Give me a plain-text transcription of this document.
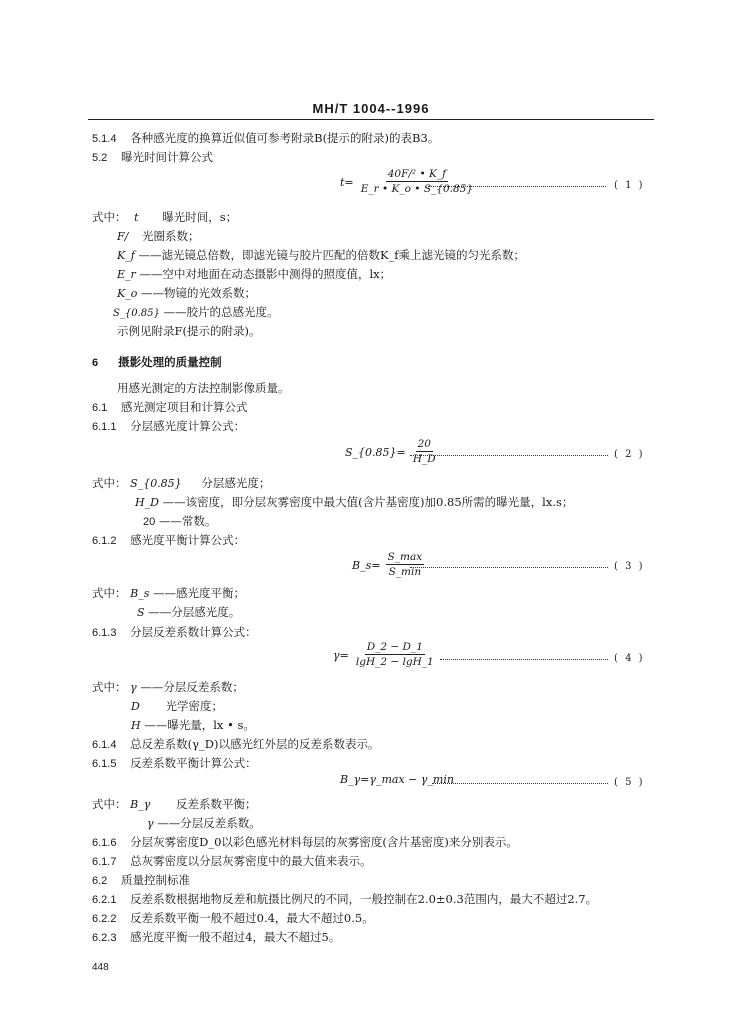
MH/T 1004--1996
5.1.4 各种感光度的换算近似值可参考附录B(提示的附录)的表B3。
5.2 曝光时间计算公式
$t= \frac{\text{40F/² • K\_f}}{E\_r • K\_o • S\_\{0.85\}}$	( 1 )
式中： t 曝光时间，s；
F/ 光圈系数；
K_f ——滤光镜总倍数，即滤光镜与胶片匹配的倍数K_f乘上滤光镜的匀光系数；
E_r ——空中对地面在动态摄影中测得的照度值，lx；
K_o ——物镜的光效系数；
S_{0.85} ——胶片的总感光度。
示例见附录F(提示的附录)。
6 摄影处理的质量控制
用感光测定的方法控制影像质量。
6.1 感光测定项目和计算公式
6.1.1 分层感光度计算公式：
S_{0.85}= $\frac{20}{H\_D}$	( 2 )
式中： S_{0.85} 分层感光度；
H_D ——该密度，即分层灰雾密度中最大值(含片基密度)加0.85所需的曝光量，lx.s；
20 ——常数。
6.1.2 感光度平衡计算公式：
B_s= $\frac{S\_\max}{S\_\min}$	( 3 )
式中： B_s ——感光度平衡；
S ——分层感光度。
6.1.3 分层反差系数计算公式：
$\gamma= \frac{D\_2 - D\_1}{\lg H\_2 - \lg H\_1}$	( 4 )
式中： γ ——分层反差系数；
D 光学密度；
H ——曝光量，lx • s。
6.1.4 总反差系数(γ_D)以感光红外层的反差系数表示。
6.1.5 反差系数平衡计算公式：
B_γ=γ_max − γ_min	( 5 )
式中： B_γ 反差系数平衡；
γ ——分层反差系数。
6.1.6 分层灰雾密度D_0以彩色感光材料每层的灰雾密度(含片基密度)来分别表示。
6.1.7 总灰雾密度以分层灰雾密度中的最大值来表示。
6.2 质量控制标准
6.2.1 反差系数根据地物反差和航摄比例尺的不同，一般控制在2.0±0.3范围内，最大不超过2.7。
6.2.2 反差系数平衡一般不超过0.4，最大不超过0.5。
6.2.3 感光度平衡一般不超过4，最大不超过5。
448
